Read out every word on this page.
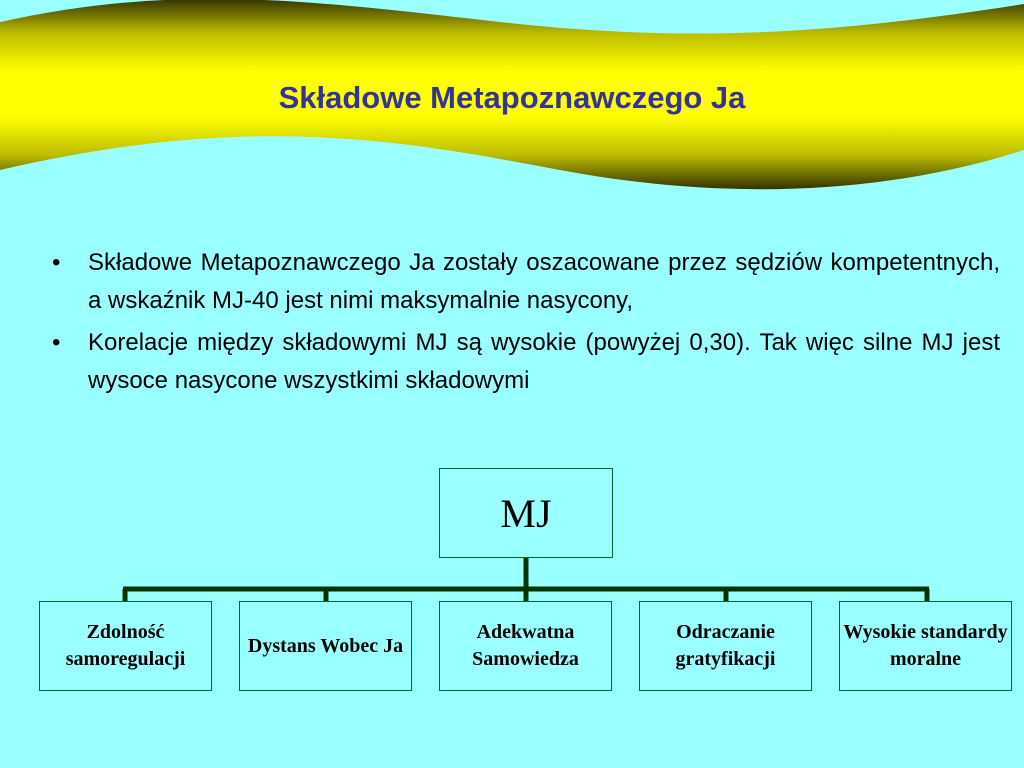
Składowe Metapoznawczego Ja
• Składowe Metapoznawczego Ja zostały oszacowane przez sędziów kompetentnych, a wskaźnik MJ-40 jest nimi maksymalnie nasycony,
• Korelacje między składowymi MJ są wysokie (powyżej 0,30). Tak więc silne MJ jest wysoce nasycone wszystkimi składowymi
MJ
Zdolność samoregulacji
Dystans Wobec Ja
Adekwatna Samowiedza
Odraczanie gratyfikacji
Wysokie standardy moralne
